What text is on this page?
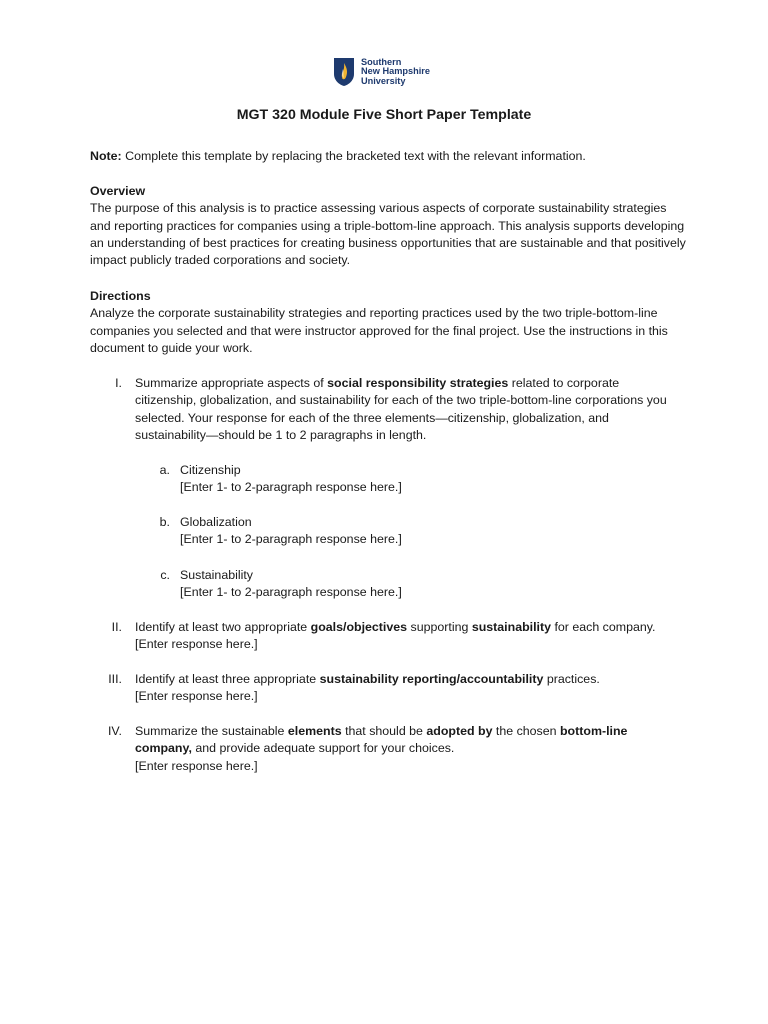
Southern
New Hampshire
University
MGT 320 Module Five Short Paper Template

Note: Complete this template by replacing the bracketed text with the relevant information.

Overview

The purpose of this analysis is to practice assessing various aspects of corporate sustainability strategies and reporting practices for companies using a triple-bottom-line approach. This analysis supports developing an understanding of best practices for creating business opportunities that are sustainable and that positively impact publicly traded corporations and society.

Directions

Analyze the corporate sustainability strategies and reporting practices used by the two triple-bottom-line companies you selected and that were instructor approved for the final project. Use the instructions in this document to guide your work.

I. Summarize appropriate aspects of social responsibility strategies related to corporate citizenship, globalization, and sustainability for each of the two triple-bottom-line corporations you selected. Your response for each of the three elements—citizenship, globalization, and sustainability—should be 1 to 2 paragraphs in length.
a. Citizenship
[Enter 1- to 2-paragraph response here.]
b. Globalization
[Enter 1- to 2-paragraph response here.]
c. Sustainability
[Enter 1- to 2-paragraph response here.]
II. Identify at least two appropriate goals/objectives supporting sustainability for each company.
[Enter response here.]
III. Identify at least three appropriate sustainability reporting/accountability practices.
[Enter response here.]
IV. Summarize the sustainable elements that should be adopted by the chosen bottom-line company, and provide adequate support for your choices.
[Enter response here.]
